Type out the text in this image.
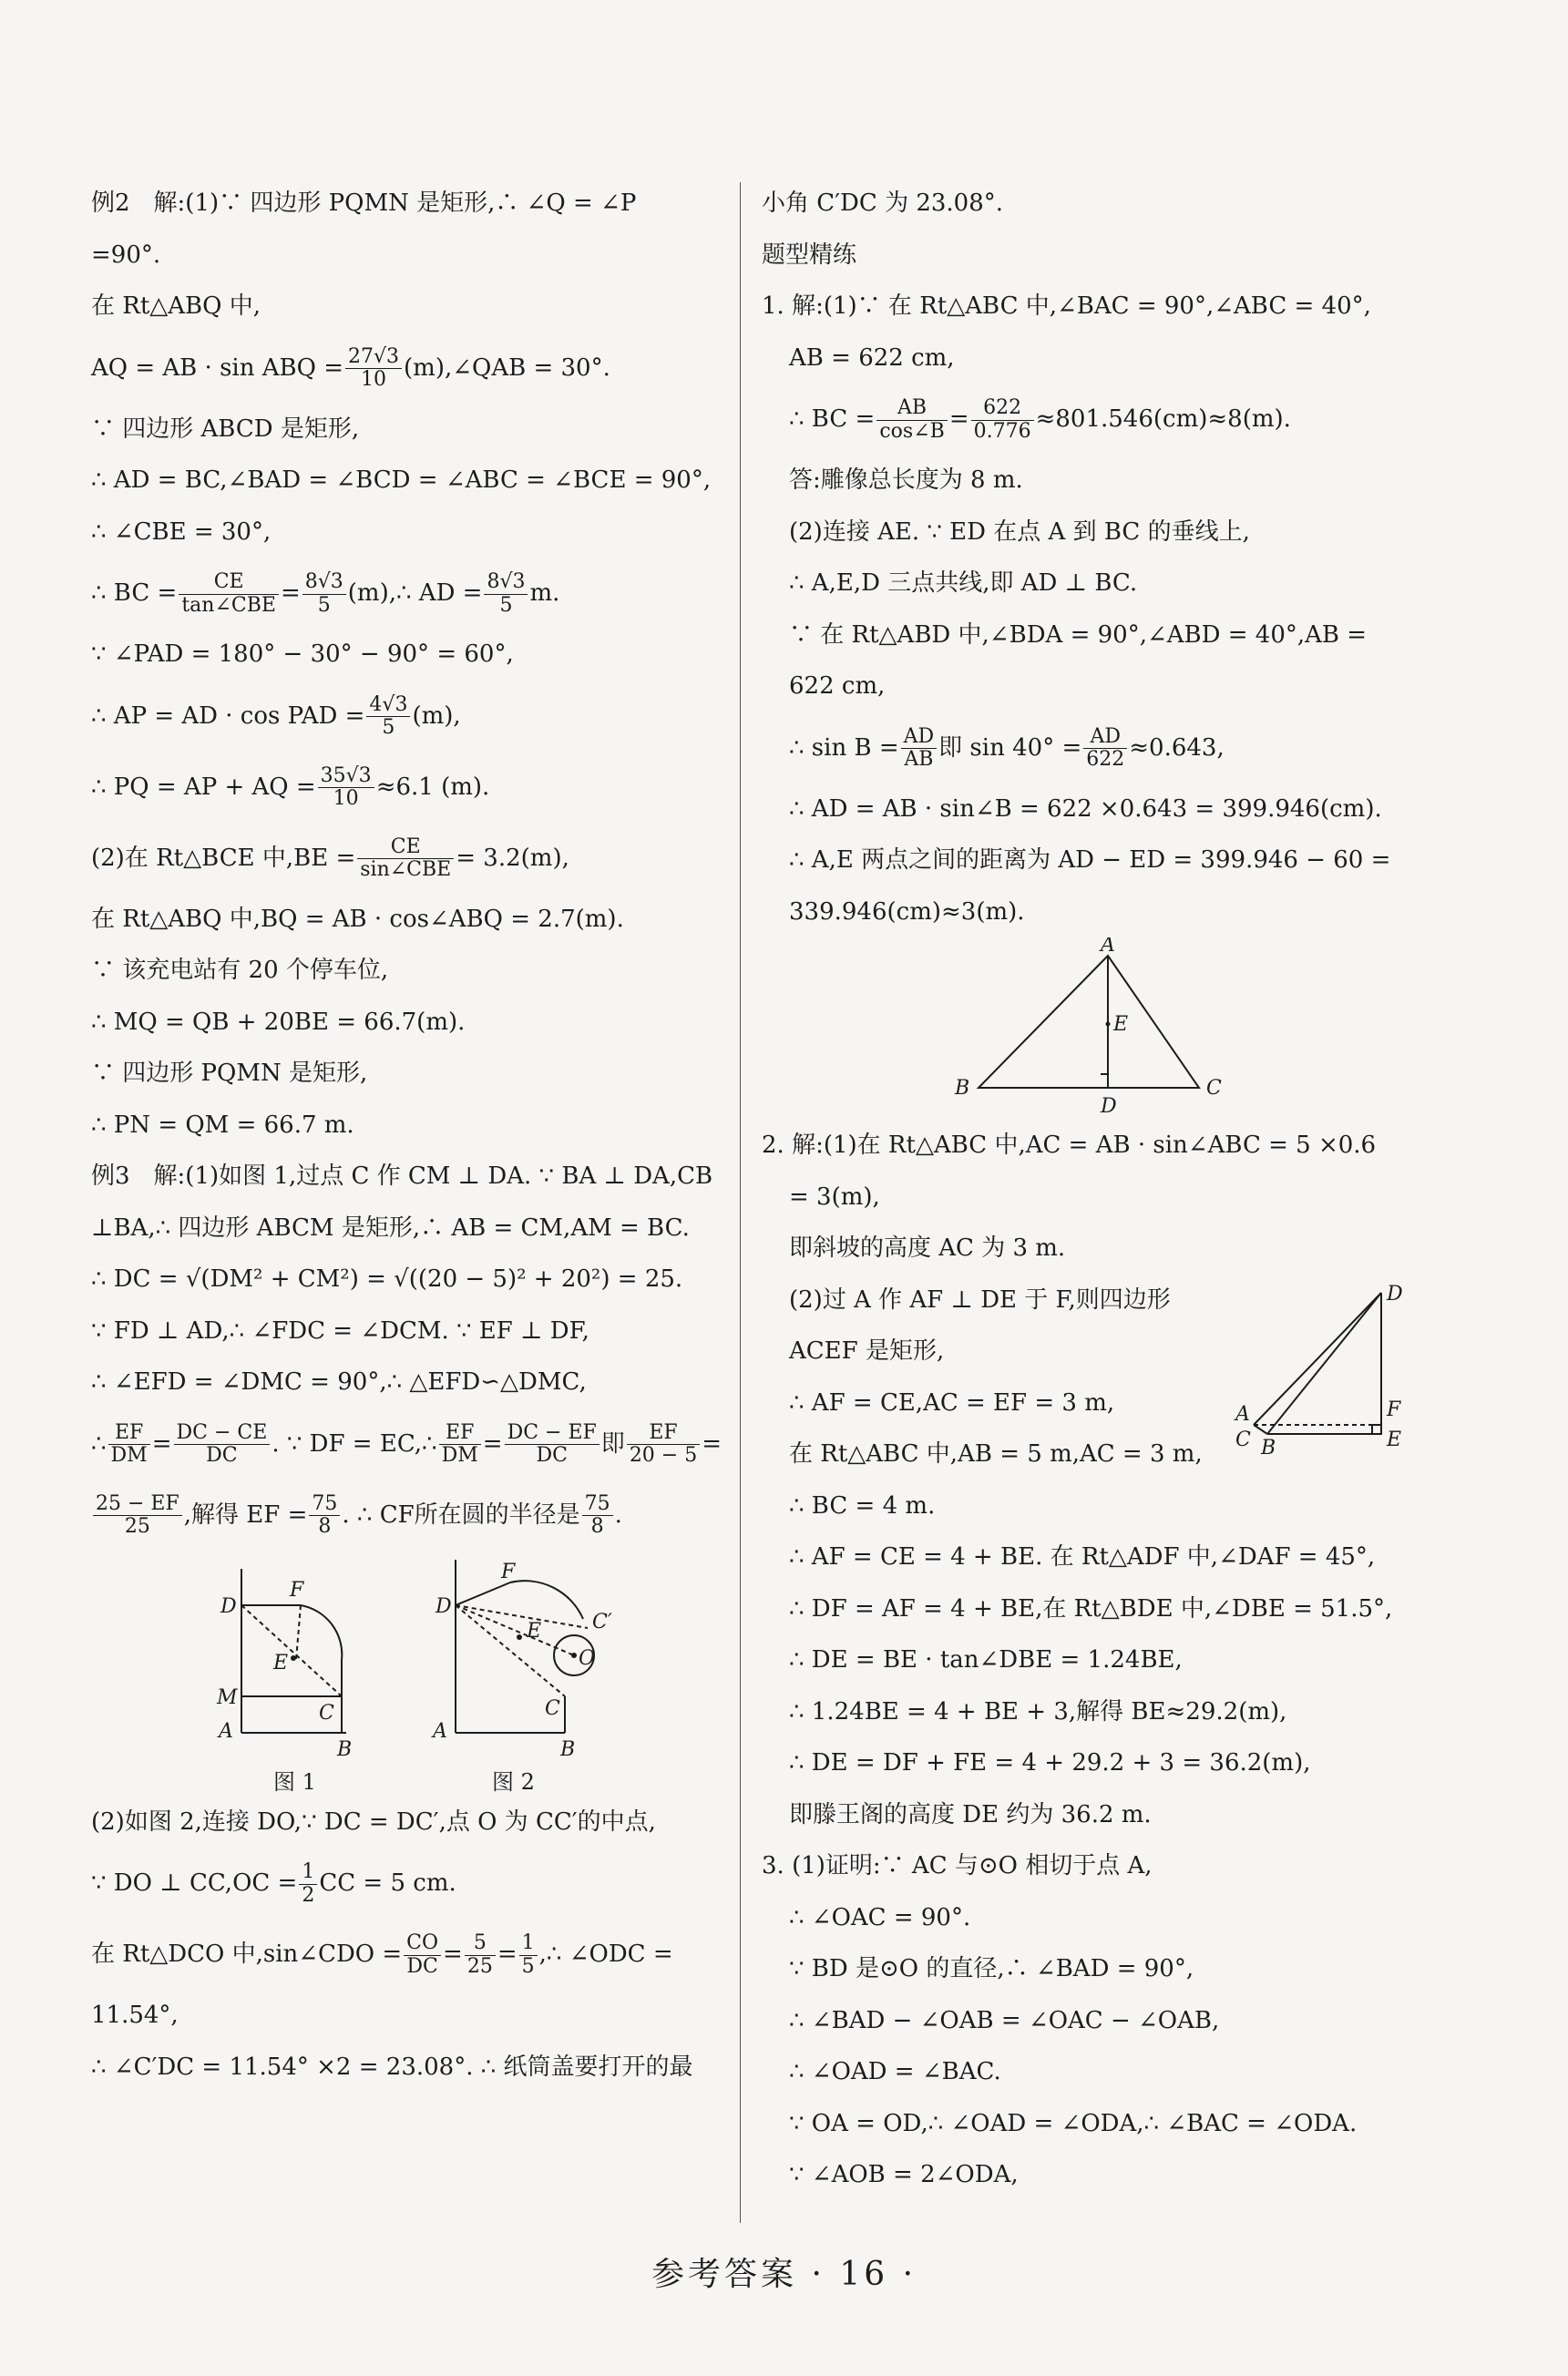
例2　解:(1)∵ 四边形 PQMN 是矩形,∴ ∠Q = ∠P
=90°.
在 Rt△ABQ 中,
AQ = AB · sin ABQ = $\frac{27√3}{10}$ (m),∠QAB = 30°.
∵ 四边形 ABCD 是矩形,
∴ AD = BC,∠BAD = ∠BCD = ∠ABC = ∠BCE = 90°,
∴ ∠CBE = 30°,
∴ BC = $\frac{CE}{\text{tan∠CBE}} = \frac{8√3}{5}$ (m),∴ AD = $\frac{8√3}{5} m$.
∵ ∠PAD = 180° − 30° − 90° = 60°,
∴ AP = AD · cos PAD = $\frac{4√3}{5} (m)$,
∴ PQ = AP + AQ = $\frac{35√3}{10} \approx 6.1$ (m).
(2)在 Rt△BCE 中$,BE = \frac{CE}{\text{sin∠CBE}} = 3.2(m)$,
在 Rt△ABQ 中,BQ = AB · cos∠ABQ = 2.7(m).
∵ 该充电站有 20 个停车位,
∴ MQ = QB + 20BE = 66.7(m).
∵ 四边形 PQMN 是矩形,
∴ PN = QM = 66.7 m.
例3　解:(1)如图 1,过点 C 作 CM ⊥ DA. ∵ BA ⊥ DA,CB
⊥BA,∴ 四边形 ABCM 是矩形,∴ AB = CM,AM = BC.
∴ DC = √(DM² + CM²) = √((20 − 5)² + 20²) = 25.
∵ FD ⊥ AD,∴ ∠FDC = ∠DCM. ∵ EF ⊥ DF,
∴ ∠EFD = ∠DMC = 90°,∴ △EFD∽△DMC,
∴ $\frac{EF}{DM} = \frac{DC - CE}{DC}$ . ∵ DF = EC,∴ $\frac{EF}{DM} = \frac{DC - EF}{DC}$ 即 $\frac{EF}{20 - 5}$ =
$\frac{25 - EF}{25}$ ,解得 EF = $\frac{75}{8}$ . ∴ CF所在圆的半径是 $\frac{75}{8}$ .
D
F
M
E
A
C
B
F
D
E	C′
O
A
C
B
图 1	图 2
(2)如图 2,连接 DO,∵ DC = DC′,点 O 为 CC′的中点,
∵ DO ⊥ $CC,OC = \frac{1}{2}$ CC = 5 cm.
在 Rt△DCO 中,sin∠CDO = $\frac{CO}{DC} = \frac{5}{25} = \frac{1}{5}$ ,∴ ∠ODC =
11.54°,
∴ ∠C′DC = 11.54° ×2 = 23.08°. ∴ 纸筒盖要打开的最
小角 C′DC 为 23.08°.
题型精练
1. 解:(1)∵ 在 Rt△ABC 中,∠BAC = 90°,∠ABC = 40°,
AB = 622 cm,
∴ BC = $\frac{AB}{\cos\angle B} = \frac{622}{0.776} \approx 801.546(cm)\approx 8(m)$.
答:雕像总长度为 8 m.
(2)连接 AE. ∵ ED 在点 A 到 BC 的垂线上,
∴ A,E,D 三点共线,即 AD ⊥ BC.
∵ 在 Rt△ABD 中,∠BDA = 90°,∠ABD = 40°,AB =
622 cm,
∴ $\sin B = \frac{AD}{AB}$ 即 $\sin 40^\circ = \frac{AD}{622} \approx 0.643$,
∴ AD = AB · sin∠B = 622 ×0.643 = 399.946(cm).
∴ A,E 两点之间的距离为 AD − ED = 399.946 − 60 =
339.946(cm)≈3(m).
A
E
B
D
C
2. 解:(1)在 Rt△ABC 中,AC = AB · sin∠ABC = 5 ×0.6
= 3(m),
即斜坡的高度 AC 为 3 m.
D
F
A
C B	E
(2)过 A 作 AF ⊥ DE 于 F,则四边形
ACEF 是矩形,
∴ AF = CE,AC = EF = 3 m,
在 Rt△ABC 中,AB = 5 m,AC = 3 m,
∴ BC = 4 m.
∴ AF = CE = 4 + BE. 在 Rt△ADF 中,∠DAF = 45°,
∴ DF = AF = 4 + BE,在 Rt△BDE 中,∠DBE = 51.5°,
∴ DE = BE · tan∠DBE = 1.24BE,
∴ 1.24BE = 4 + BE + 3,解得 BE≈29.2(m),
∴ DE = DF + FE = 4 + 29.2 + 3 = 36.2(m),
即滕王阁的高度 DE 约为 36.2 m.
3. (1)证明:∵ AC 与⊙O 相切于点 A,
∴ ∠OAC = 90°.
∵ BD 是⊙O 的直径,∴ ∠BAD = 90°,
∴ ∠BAD − ∠OAB = ∠OAC − ∠OAB,
∴ ∠OAD = ∠BAC.
∵ OA = OD,∴ ∠OAD = ∠ODA,∴ ∠BAC = ∠ODA.
∵ ∠AOB = 2∠ODA,
参考答案 · 16 ·
